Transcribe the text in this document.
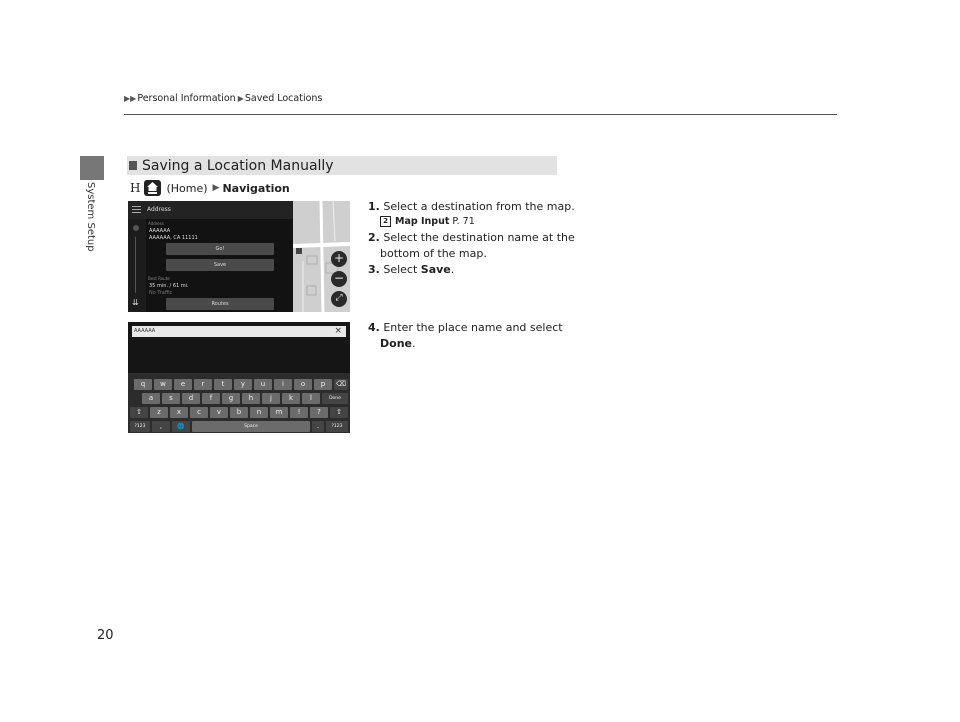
▶▶ Personal Information ▶ Saved Locations
System Setup
Saving a Location Manually
H (Home) ▶ Navigation
1. Select a destination from the map.
2 Map Input P. 71
2. Select the destination name at the
bottom of the map.
3. Select Save.
4. Enter the place name and select
Done.
Address
⇊
Address
AAAAAA
AAAAAA, CA 11111
Go!
Save
Best Route
35 min. / 61 mi.
No Traffic
Routes
+
−
⤢
AAAAAA	×
q	w	e	r	t	y	u	i	o	p	⌫
a	s	d	f	g	h	j	k	l	Done
⇧	z	x	c	v	b	n	m	!	?	⇧
?123	,	🌐	Space	.	?123
20
